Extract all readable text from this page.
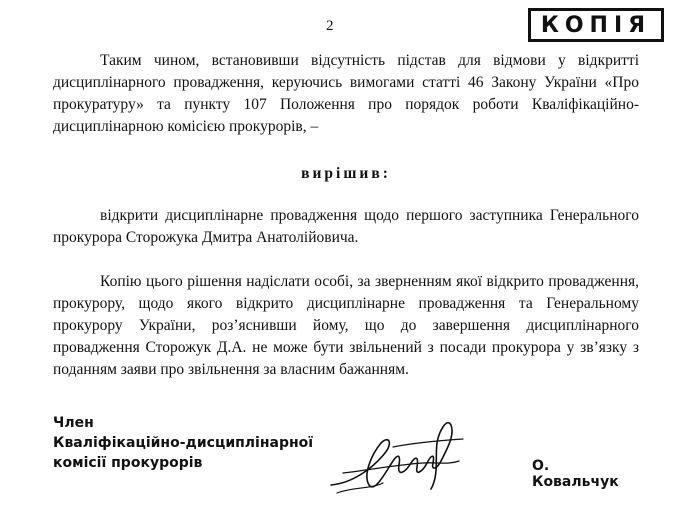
2	КОПІЯ

Таким чином, встановивши відсутність підстав для відмови у відкритті дисциплінарного провадження, керуючись вимогами статті 46 Закону України «Про прокуратуру» та пункту 107 Положення про порядок роботи Кваліфікаційно-дисциплінарною комісією прокурорів, –

вирішив:

відкрити дисциплінарне провадження щодо першого заступника Генерального прокурора Сторожука Дмитра Анатолійовича.

Копію цього рішення надіслати особі, за зверненням якої відкрито провадження, прокурору, щодо якого відкрито дисциплінарне провадження та Генеральному прокурору України, роз’яснивши йому, що до завершення дисциплінарного провадження Сторожук Д.А. не може бути звільнений з посади прокурора у зв’язку з поданням заяви про звільнення за власним бажанням.

Член
Кваліфікаційно-дисциплінарної
комісії прокурорів	О. Ковальчук
